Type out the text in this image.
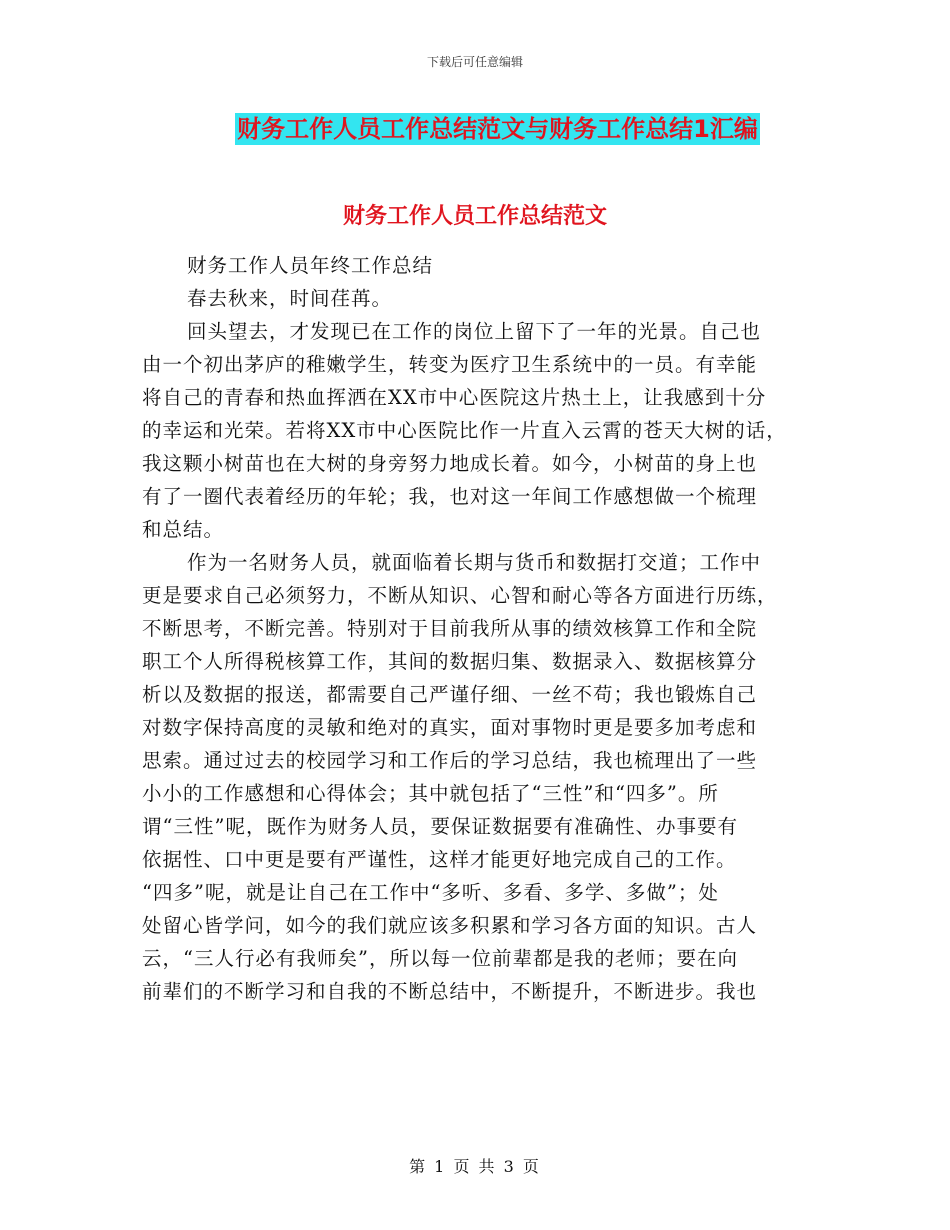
下载后可任意编辑
财务工作人员工作总结范文与财务工作总结1汇编
财务工作人员工作总结范文
财务工作人员年终工作总结
春去秋来，时间荏苒。
回头望去，才发现已在工作的岗位上留下了一年的光景。自己也
由一个初出茅庐的稚嫩学生，转变为医疗卫生系统中的一员。有幸能
将自己的青春和热血挥洒在XX市中心医院这片热土上，让我感到十分
的幸运和光荣。若将XX市中心医院比作一片直入云霄的苍天大树的话，
我这颗小树苗也在大树的身旁努力地成长着。如今，小树苗的身上也
有了一圈代表着经历的年轮；我，也对这一年间工作感想做一个梳理
和总结。
作为一名财务人员，就面临着长期与货币和数据打交道；工作中
更是要求自己必须努力，不断从知识、心智和耐心等各方面进行历练，
不断思考，不断完善。特别对于目前我所从事的绩效核算工作和全院
职工个人所得税核算工作，其间的数据归集、数据录入、数据核算分
析以及数据的报送，都需要自己严谨仔细、一丝不苟；我也锻炼自己
对数字保持高度的灵敏和绝对的真实，面对事物时更是要多加考虑和
思索。通过过去的校园学习和工作后的学习总结，我也梳理出了一些
小小的工作感想和心得体会；其中就包括了“三性”和“四多”。所
谓“三性”呢，既作为财务人员，要保证数据要有准确性、办事要有
依据性、口中更是要有严谨性，这样才能更好地完成自己的工作。
“四多”呢，就是让自己在工作中“多听、多看、多学、多做”；处
处留心皆学问，如今的我们就应该多积累和学习各方面的知识。古人
云，“三人行必有我师矣”，所以每一位前辈都是我的老师；要在向
前辈们的不断学习和自我的不断总结中，不断提升，不断进步。我也
第 1 页 共 3 页
